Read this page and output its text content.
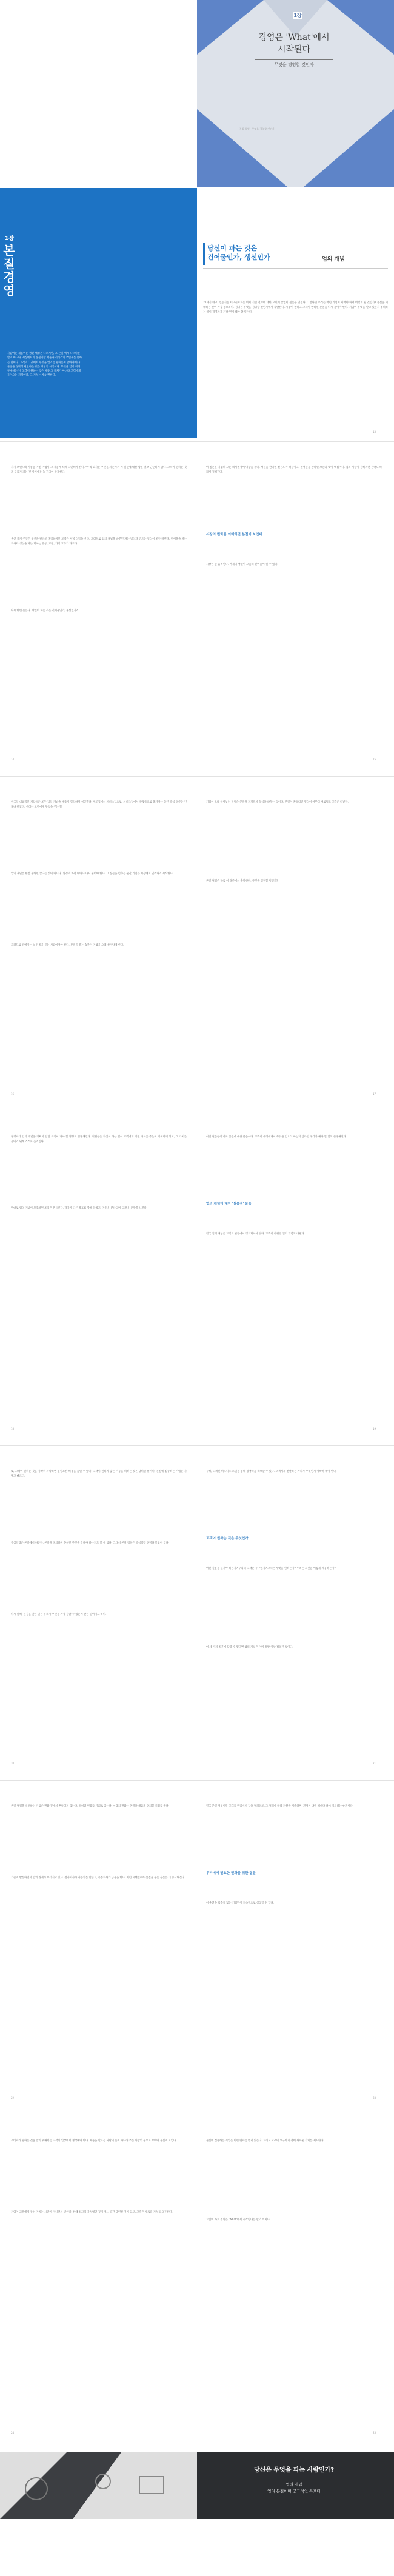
1장
경영은 'What'에서
시작된다
무엇을 경영할 것인가
본질 경영 · 무엇을 경영할 것인가
1장
본질경영
사람이든 제품이든 생긴 배경은 다르지만, 그 본질 역시 다르다는 말이 아니다. 시장에서의 본질이란 재품과 서비스의 쓰임새를 뜻하는 말이다. 고객이 그것에서 무엇을 얻기를 원하는지 알아야 한다. 본질을 정확히 판단하는 것은 경영의 시작이다. 무엇을 얻기 위해 구매하는가? 고객이 원하는 것은 제품 그 자체가 아니라 고객에게 돌아오는 가치이다. 그 가치는 계속 변한다.
당신이 파는 것은
건어물인가, 생선인가	업의 개념
21세기 테크, 인공지능 테크놀로지는 이제 기업 전략에 대한 고민에 끝없이 질문을 던진다. 그렇다면 우리는 어떤 기업이 되어야 하며 어떻게 될 것인가? 본질을 이해하는 것이 가장 중요하다. 경영은 무엇을 경영할 것인가에서 출발한다. 시장이 변하고 고객이 변하면 본질을 다시 물어야 한다. 기업이 무엇을 팔고 있는지 정의하는 일이 경영자가 가장 먼저 해야 할 일이다.
13
자기 브랜드와 이름을 가진 기업이 그 제품에 대해 고민해야 한다. "우리 회사는 무엇을 파는가?" 이 질문에 대한 답은 결코 단순하지 않다. 고객이 원하는 것과 우리가 파는 것 사이에는 늘 간극이 존재한다.
생선 가게 주인은 생선을 판다고 생각하지만 고객은 저녁 식탁을 산다. 그러므로 업의 개념을 바꾸면 파는 방식과 만드는 방식이 모두 바뀐다. 건어물을 파는 회사와 생선을 파는 회사는 유통, 보관, 가격 모두가 다르다.
다시 한번 묻는다. 당신이 파는 것은 건어물인가, 생선인가?
시장의 변화를 이해하면 본질이 보인다
이 질문은 기업의 모든 의사결정에 영향을 준다. 생선을 판다면 신선도가 핵심이고, 건어물을 판다면 보관과 맛이 핵심이다. 업의 개념이 정해지면 전략도 따라서 정해진다.
시장은 늘 움직인다. 어제의 생선이 오늘의 건어물이 될 수 있다.
14	15
한국의 대표적인 기업들은 모두 업의 개념을 새롭게 정의하며 성장했다. 제조업에서 서비스업으로, 서비스업에서 플랫폼으로 옮겨가는 동안 핵심 질문은 언제나 같았다. 우리는 고객에게 무엇을 주는가?
업의 개념은 한번 정하면 끝나는 것이 아니다. 환경이 바뀔 때마다 다시 물어야 한다. 그 질문을 멈추는 순간 기업은 시장에서 밀려나기 시작한다.
그러므로 경영자는 늘 본질을 묻는 사람이어야 한다. 본질을 묻는 습관이 기업을 오래 살아남게 한다.
기업이 오래 살아남는 비결은 본질을 지키면서 형식을 바꾸는 것이다. 본질이 흔들리면 형식이 아무리 새로워도 고객은 떠난다.
본질 경영은 바로 이 질문에서 출발한다. 무엇을 경영할 것인가?
16	17
경영자가 업의 개념을 정확히 알면 조직이 가야 할 방향도 분명해진다. 직원들은 자신이 하는 일이 고객에게 어떤 가치를 주는지 이해하게 되고, 그 가치를 높이기 위해 스스로 움직인다.
반대로 업의 개념이 모호하면 조직은 흔들린다. 각자가 다른 목표를 향해 달리고, 자원은 분산되며, 고객은 혼란을 느낀다.
업의 개념에 대한 '실용적' 물음
이런 질문들이 바로 본질에 대한 물음이다. 고객이 우리에게서 무엇을 얻으려 하는지 안다면 우리가 해야 할 일도 분명해진다.
결국 업의 개념은 고객의 관점에서 정의되어야 한다. 고객이 바뀌면 업의 개념도 바뀐다.
18	19
또, 고객이 원하는 것을 정확히 파악하면 불필요한 비용을 줄일 수 있다. 고객이 원하지 않는 기능을 더하는 것은 낭비일 뿐이다. 본질에 집중하는 기업은 가볍고 빠르다.
핵심역량은 본질에서 나온다. 본질을 정의하지 못하면 무엇을 잘해야 하는지도 알 수 없다. 그래서 본질 경영은 핵심역량 경영과 맞닿아 있다.
다시 말해, 본질을 찾는 일은 우리가 무엇을 가장 잘할 수 있는지 찾는 일이기도 하다.
고객이 원하는 것은 무엇인가
구성, 고려된 비즈니스 모델을 통해 경쟁력을 확보할 수 있다. 고객에게 전달하는 가치가 무엇인지 명확히 해야 한다.
어떤 질문을 던져야 하는가? 우리의 고객은 누구인가? 고객은 무엇을 원하는가? 우리는 그것을 어떻게 제공하는가?
이 세 가지 질문에 답할 수 있다면 업의 개념은 이미 절반 이상 정리된 것이다.
20	21
본질 경영을 실천하는 기업은 변화 앞에서 흔들리지 않는다. 오히려 변화를 기회로 삼는다. 시장의 변화는 본질을 새롭게 정의할 기회를 준다.
기술이 발전하면서 업의 경계가 무너지고 있다. 전자회사가 자동차를 만들고, 유통회사가 금융을 한다. 이런 시대일수록 본질을 묻는 질문은 더 중요해진다.
우리에게 필요한 변화를 위한 질문
결국 본질 경영이란 고객의 관점에서 업을 정의하고, 그 정의에 따라 자원을 배분하며, 환경이 바뀔 때마다 다시 정의하는 순환이다.
이 순환을 멈추지 않는 기업만이 지속적으로 성장할 수 있다.
22	23
소비자가 원하는 것을 알기 위해서는 고객의 입장에서 생각해야 한다. 제품을 만드는 사람의 눈이 아니라 쓰는 사람의 눈으로 보아야 본질이 보인다.
기업이 고객에게 주는 가치는 시간이 지나면서 변한다. 한때 최고의 가치였던 것이 어느 순간 당연한 것이 되고, 고객은 새로운 가치를 요구한다.
본질에 집중하는 기업은 이런 변화를 먼저 읽는다. 그리고 고객이 요구하기 전에 새로운 가치를 제시한다.
그것이 바로 경영은 'What'에서 시작된다는 말의 의미다.
24	25
당신은 무엇을 파는 사람인가?
업의 개념
업의 본질이며 궁극적인 목표다
